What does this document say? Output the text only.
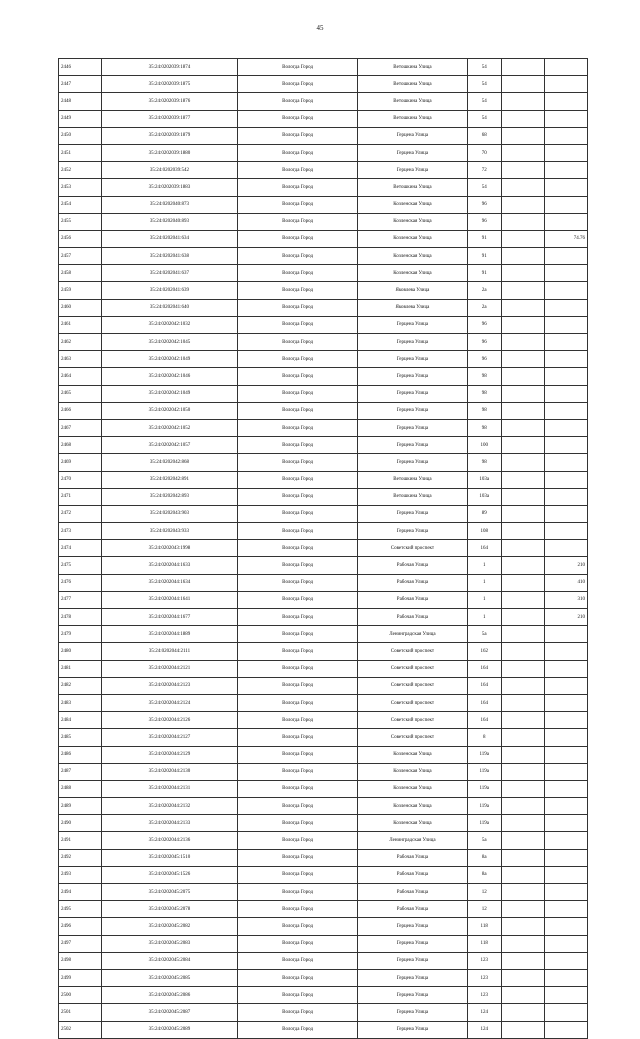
45
2446	35:24:0202039:1874	Вологда Город	Ветошкина Улица	54		
2447	35:24:0202039:1875	Вологда Город	Ветошкина Улица	54		
2448	35:24:0202039:1876	Вологда Город	Ветошкина Улица	54		
2449	35:24:0202039:1877	Вологда Город	Ветошкина Улица	54		
2450	35:24:0202039:1879	Вологда Город	Герцена Улица	68		
2451	35:24:0202039:1880	Вологда Город	Герцена Улица	70		
2452	35:24:0202039:542	Вологда Город	Герцена Улица	72		
2453	35:24:0202039:1883	Вологда Город	Ветошкина Улица	54		
2454	35:24:0202040:873	Вологда Город	Козленская Улица	96		
2455	35:24:0202040:893	Вологда Город	Козленская Улица	96		
2456	35:24:0202041:634	Вологда Город	Козленская Улица	91		74.76
2457	35:24:0202041:638	Вологда Город	Козленская Улица	91		
2458	35:24:0202041:637	Вологда Город	Козленская Улица	91		
2459	35:24:0202041:639	Вологда Город	Яковлева Улица	2а		
2460	35:24:0202041:640	Вологда Город	Яковлева Улица	2а		
2461	35:24:0202042:1032	Вологда Город	Герцена Улица	96		
2462	35:24:0202042:1045	Вологда Город	Герцена Улица	96		
2463	35:24:0202042:1049	Вологда Город	Герцена Улица	96		
2464	35:24:0202042:1046	Вологда Город	Герцена Улица	98		
2465	35:24:0202042:1049	Вологда Город	Герцена Улица	98		
2466	35:24:0202042:1050	Вологда Город	Герцена Улица	98		
2467	35:24:0202042:1052	Вологда Город	Герцена Улица	98		
2468	35:24:0202042:1057	Вологда Город	Герцена Улица	100		
2469	35:24:0202042:868	Вологда Город	Герцена Улица	98		
2470	35:24:0202042:891	Вологда Город	Ветошкина Улица	103а		
2471	35:24:0202042:893	Вологда Город	Ветошкина Улица	103а		
2472	35:24:0202043:903	Вологда Город	Герцена Улица	89		
2473	35:24:0202043:933	Вологда Город	Герцена Улица	108		
2474	35:24:0202043:1998	Вологда Город	Советский проспект	164		
2475	35:24:0202044:1633	Вологда Город	Рабочая Улица	1		210
2476	35:24:0202044:1634	Вологда Город	Рабочая Улица	1		410
2477	35:24:0202044:1641	Вологда Город	Рабочая Улица	1		310
2478	35:24:0202044:1677	Вологда Город	Рабочая Улица	1		210
2479	35:24:0202044:1889	Вологда Город	Ленинградская Улица	5а		
2480	35:24:0202044:2111	Вологда Город	Советский проспект	162		
2481	35:24:0202044:2121	Вологда Город	Советский проспект	164		
2482	35:24:0202044:2123	Вологда Город	Советский проспект	164		
2483	35:24:0202044:2124	Вологда Город	Советский проспект	164		
2484	35:24:0202044:2126	Вологда Город	Советский проспект	164		
2485	35:24:0202044:2127	Вологда Город	Советский проспект	8		
2486	35:24:0202044:2129	Вологда Город	Козленская Улица	119а		
2487	35:24:0202044:2130	Вологда Город	Козленская Улица	119а		
2488	35:24:0202044:2131	Вологда Город	Козленская Улица	119а		
2489	35:24:0202044:2132	Вологда Город	Козленская Улица	119а		
2490	35:24:0202044:2133	Вологда Город	Козленская Улица	119а		
2491	35:24:0202044:2136	Вологда Город	Ленинградская Улица	5а		
2492	35:24:0202045:1510	Вологда Город	Рабочая Улица	8а		
2493	35:24:0202045:1526	Вологда Город	Рабочая Улица	8а		
2494	35:24:0202045:2075	Вологда Город	Рабочая Улица	12		
2495	35:24:0202045:2078	Вологда Город	Рабочая Улица	12		
2496	35:24:0202045:2082	Вологда Город	Герцена Улица	118		
2497	35:24:0202045:2083	Вологда Город	Герцена Улица	118		
2498	35:24:0202045:2084	Вологда Город	Герцена Улица	123		
2499	35:24:0202045:2085	Вологда Город	Герцена Улица	123		
2500	35:24:0202045:2086	Вологда Город	Герцена Улица	123		
2501	35:24:0202045:2087	Вологда Город	Герцена Улица	124		
2502	35:24:0202045:2089	Вологда Город	Герцена Улица	124		
